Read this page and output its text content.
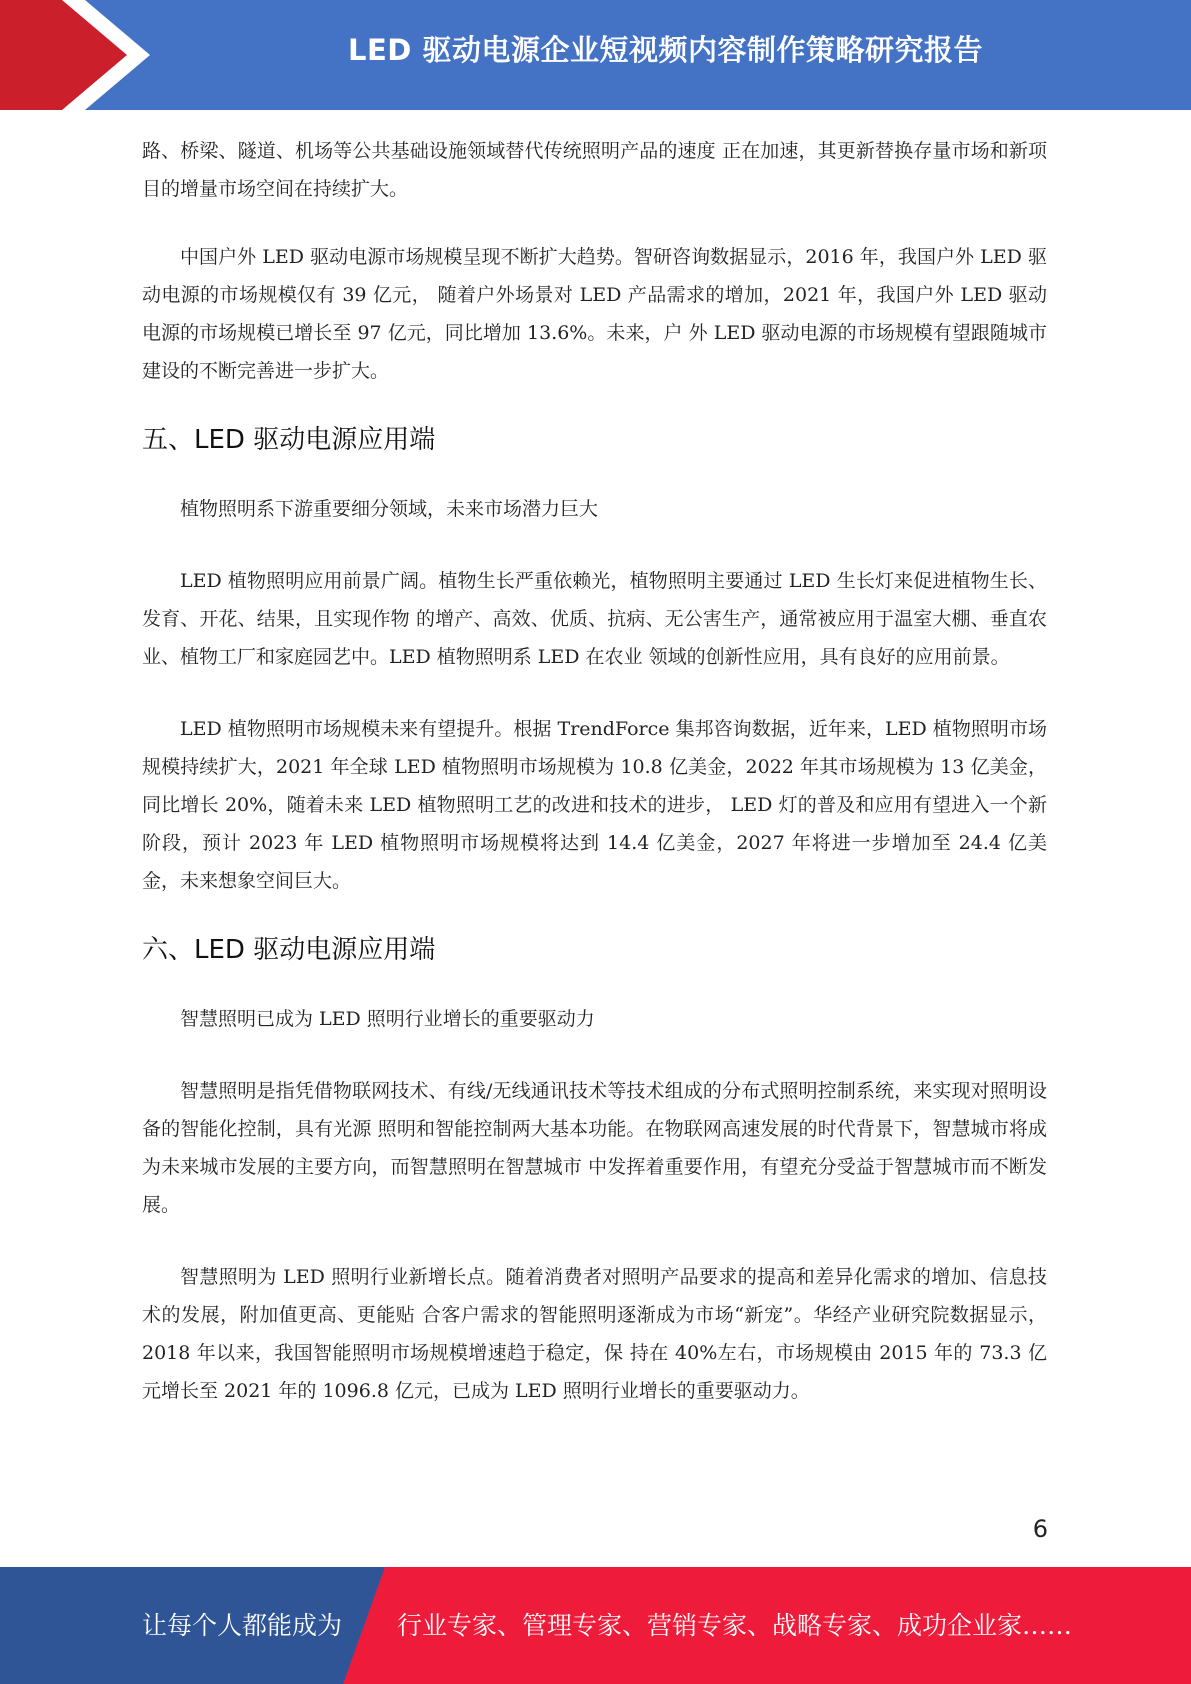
LED 驱动电源企业短视频内容制作策略研究报告

路、桥梁、隧道、机场等公共基础设施领域替代传统照明产品的速度 正在加速，其更新替换存量市场和新项目的增量市场空间在持续扩大。

中国户外 LED 驱动电源市场规模呈现不断扩大趋势。智研咨询数据显示，2016 年，我国户外 LED 驱动电源的市场规模仅有 39 亿元， 随着户外场景对 LED 产品需求的增加，2021 年，我国户外 LED 驱动电源的市场规模已增长至 97 亿元，同比增加 13.6%。未来，户 外 LED 驱动电源的市场规模有望跟随城市建设的不断完善进一步扩大。

五、LED 驱动电源应用端

植物照明系下游重要细分领域，未来市场潜力巨大

LED 植物照明应用前景广阔。植物生长严重依赖光，植物照明主要通过 LED 生长灯来促进植物生长、发育、开花、结果，且实现作物 的增产、高效、优质、抗病、无公害生产，通常被应用于温室大棚、垂直农业、植物工厂和家庭园艺中。LED 植物照明系 LED 在农业 领域的创新性应用，具有良好的应用前景。

LED 植物照明市场规模未来有望提升。根据 TrendForce 集邦咨询数据，近年来，LED 植物照明市场规模持续扩大，2021 年全球 LED 植物照明市场规模为 10.8 亿美金，2022 年其市场规模为 13 亿美金，同比增长 20%，随着未来 LED 植物照明工艺的改进和技术的进步， LED 灯的普及和应用有望进入一个新阶段，预计 2023 年 LED 植物照明市场规模将达到 14.4 亿美金，2027 年将进一步增加至 24.4 亿美 金，未来想象空间巨大。

六、LED 驱动电源应用端

智慧照明已成为 LED 照明行业增长的重要驱动力

智慧照明是指凭借物联网技术、有线/无线通讯技术等技术组成的分布式照明控制系统，来实现对照明设备的智能化控制，具有光源 照明和智能控制两大基本功能。在物联网高速发展的时代背景下，智慧城市将成为未来城市发展的主要方向，而智慧照明在智慧城市 中发挥着重要作用，有望充分受益于智慧城市而不断发展。

智慧照明为 LED 照明行业新增长点。随着消费者对照明产品要求的提高和差异化需求的增加、信息技术的发展，附加值更高、更能贴 合客户需求的智能照明逐渐成为市场“新宠”。华经产业研究院数据显示，2018 年以来，我国智能照明市场规模增速趋于稳定，保 持在 40%左右，市场规模由 2015 年的 73.3 亿元增长至 2021 年的 1096.8 亿元，已成为 LED 照明行业增长的重要驱动力。

6
让每个人都能成为 行业专家、管理专家、营销专家、战略专家、成功企业家……
